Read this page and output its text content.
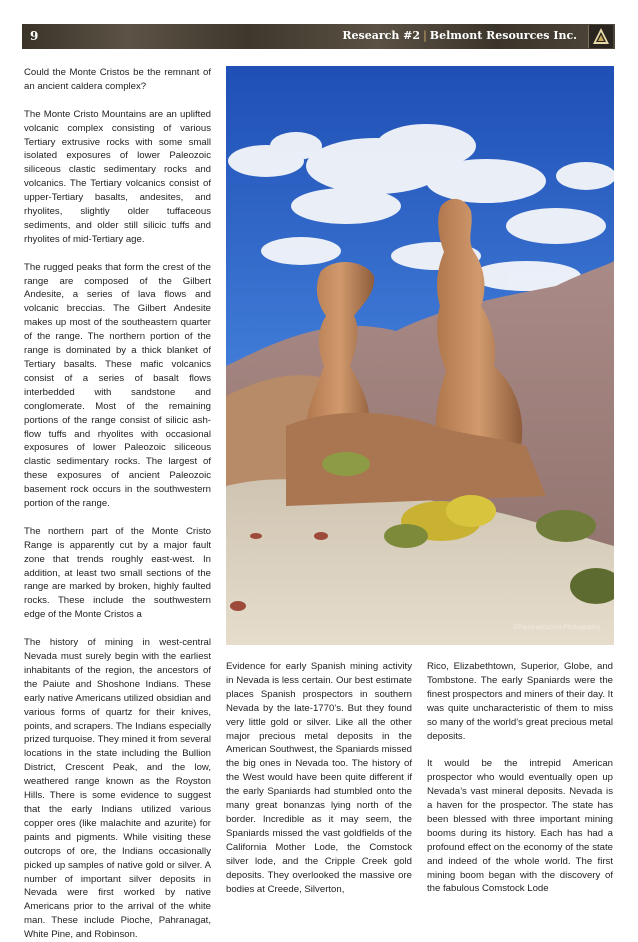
9	Research #2 | Belmont Resources Inc.

Could the Monte Cristos be the remnant of an ancient caldera complex?

The Monte Cristo Mountains are an uplifted volcanic complex consisting of various Tertiary extrusive rocks with some small isolated exposures of lower Paleozoic siliceous clastic sedimentary rocks and volcanics. The Tertiary volcanics consist of upper-Tertiary basalts, andesites, and rhyolites, slightly older tuffaceous sediments, and older still silicic tuffs and rhyolites of mid-Tertiary age.

The rugged peaks that form the crest of the range are composed of the Gilbert Andesite, a series of lava flows and volcanic breccias. The Gilbert Andesite makes up most of the southeastern quarter of the range. The northern portion of the range is dominated by a thick blanket of Tertiary basalts. These mafic volcanics consist of a series of basalt flows interbedded with sandstone and conglomerate. Most of the remaining portions of the range consist of silicic ash-flow tuffs and rhyolites with occasional exposures of lower Paleozoic siliceous clastic sedimentary rocks. The largest of these exposures of ancient Paleozoic basement rock occurs in the southwestern portion of the range.

The northern part of the Monte Cristo Range is apparently cut by a major fault zone that trends roughly east-west. In addition, at least two small sections of the range are marked by broken, highly faulted rocks. These include the southwestern edge of the Monte Cristos a

The history of mining in west-central Nevada must surely begin with the earliest inhabitants of the region, the ancestors of the Paiute and Shoshone Indians. These early native Americans utilized obsidian and various forms of quartz for their knives, points, and scrapers. The Indians especially prized turquoise. They mined it from several locations in the state including the Bullion District, Crescent Peak, and the low, weathered range known as the Royston Hills. There is some evidence to suggest that the early Indians utilized various copper ores (like malachite and azurite) for paints and pigments. While visiting these outcrops of ore, the Indians occasionally picked up samples of native gold or silver. A number of important silver deposits in Nevada were first worked by native Americans prior to the arrival of the white man. These include Pioche, Pahranagat, White Pine, and Robinson.

©PanoramicGeo Photography

Evidence for early Spanish mining activity in Nevada is less certain. Our best estimate places Spanish prospectors in southern Nevada by the late-1770’s. But they found very little gold or silver. Like all the other major precious metal deposits in the American Southwest, the Spaniards missed the big ones in Nevada too. The history of the West would have been quite different if the early Spaniards had stumbled onto the many great bonanzas lying north of the border. Incredible as it may seem, the Spaniards missed the vast goldfields of the California Mother Lode, the Comstock silver lode, and the Cripple Creek gold deposits. They overlooked the massive ore bodies at Creede, Silverton,

Rico, Elizabethtown, Superior, Globe, and Tombstone. The early Spaniards were the finest prospectors and miners of their day. It was quite uncharacteristic of them to miss so many of the world’s great precious metal deposits.

It would be the intrepid American prospector who would eventually open up Nevada’s vast mineral deposits. Nevada is a haven for the prospector. The state has been blessed with three important mining booms during its history. Each has had a profound effect on the economy of the state and indeed of the whole world. The first mining boom began with the discovery of the fabulous Comstock Lode
